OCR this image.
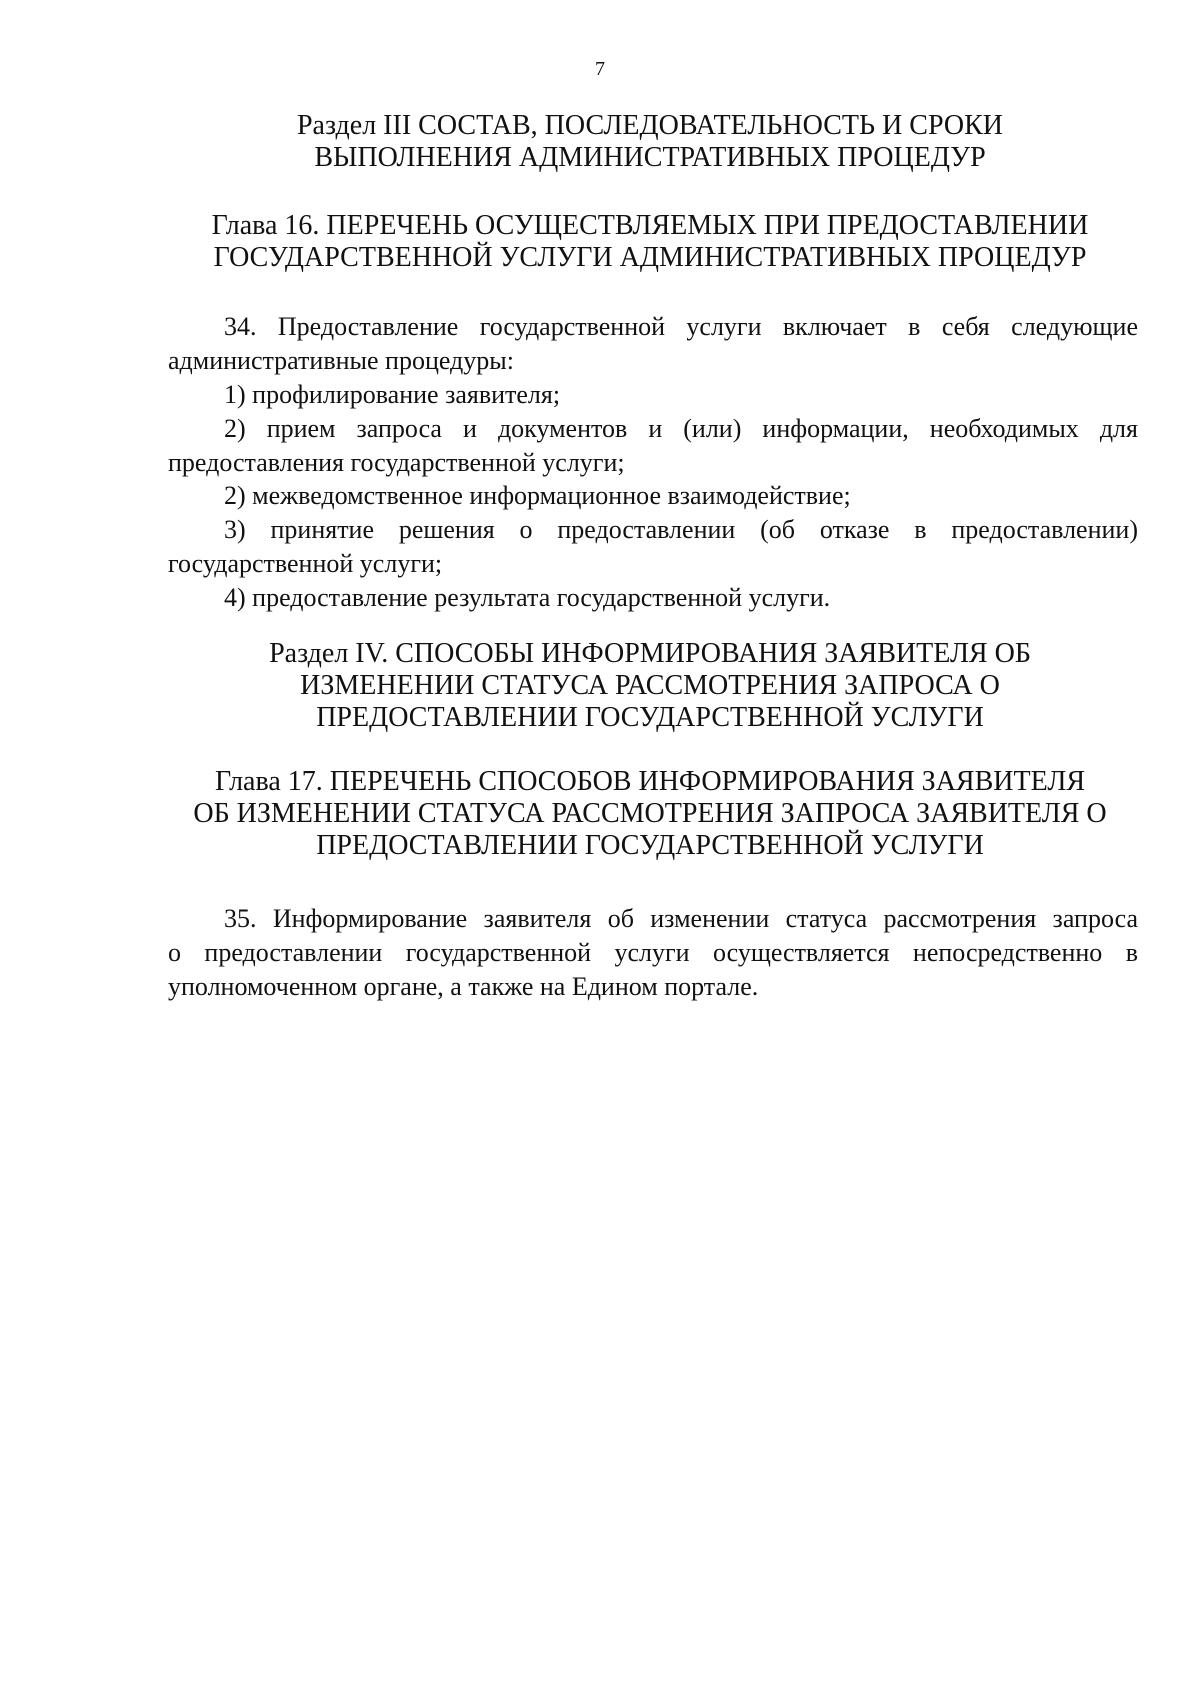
7
Раздел III СОСТАВ, ПОСЛЕДОВАТЕЛЬНОСТЬ И СРОКИ
ВЫПОЛНЕНИЯ АДМИНИСТРАТИВНЫХ ПРОЦЕДУР
Глава 16. ПЕРЕЧЕНЬ ОСУЩЕСТВЛЯЕМЫХ ПРИ ПРЕДОСТАВЛЕНИИ
ГОСУДАРСТВЕННОЙ УСЛУГИ АДМИНИСТРАТИВНЫХ ПРОЦЕДУР

34. Предоставление государственной услуги включает в себя следующие
административные процедуры:

1) профилирование заявителя;
2) прием запроса и документов и (или) информации, необходимых для
предоставления государственной услуги;
2) межведомственное информационное взаимодействие;
3) принятие решения о предоставлении (об отказе в предоставлении)
государственной услуги;
4) предоставление результата государственной услуги.
Раздел IV. СПОСОБЫ ИНФОРМИРОВАНИЯ ЗАЯВИТЕЛЯ ОБ
ИЗМЕНЕНИИ СТАТУСА РАССМОТРЕНИЯ ЗАПРОСА О
ПРЕДОСТАВЛЕНИИ ГОСУДАРСТВЕННОЙ УСЛУГИ
Глава 17. ПЕРЕЧЕНЬ СПОСОБОВ ИНФОРМИРОВАНИЯ ЗАЯВИТЕЛЯ
ОБ ИЗМЕНЕНИИ СТАТУСА РАССМОТРЕНИЯ ЗАПРОСА ЗАЯВИТЕЛЯ О
ПРЕДОСТАВЛЕНИИ ГОСУДАРСТВЕННОЙ УСЛУГИ

35. Информирование заявителя об изменении статуса рассмотрения запроса
о предоставлении государственной услуги осуществляется непосредственно в
уполномоченном органе, а также на Едином портале.
